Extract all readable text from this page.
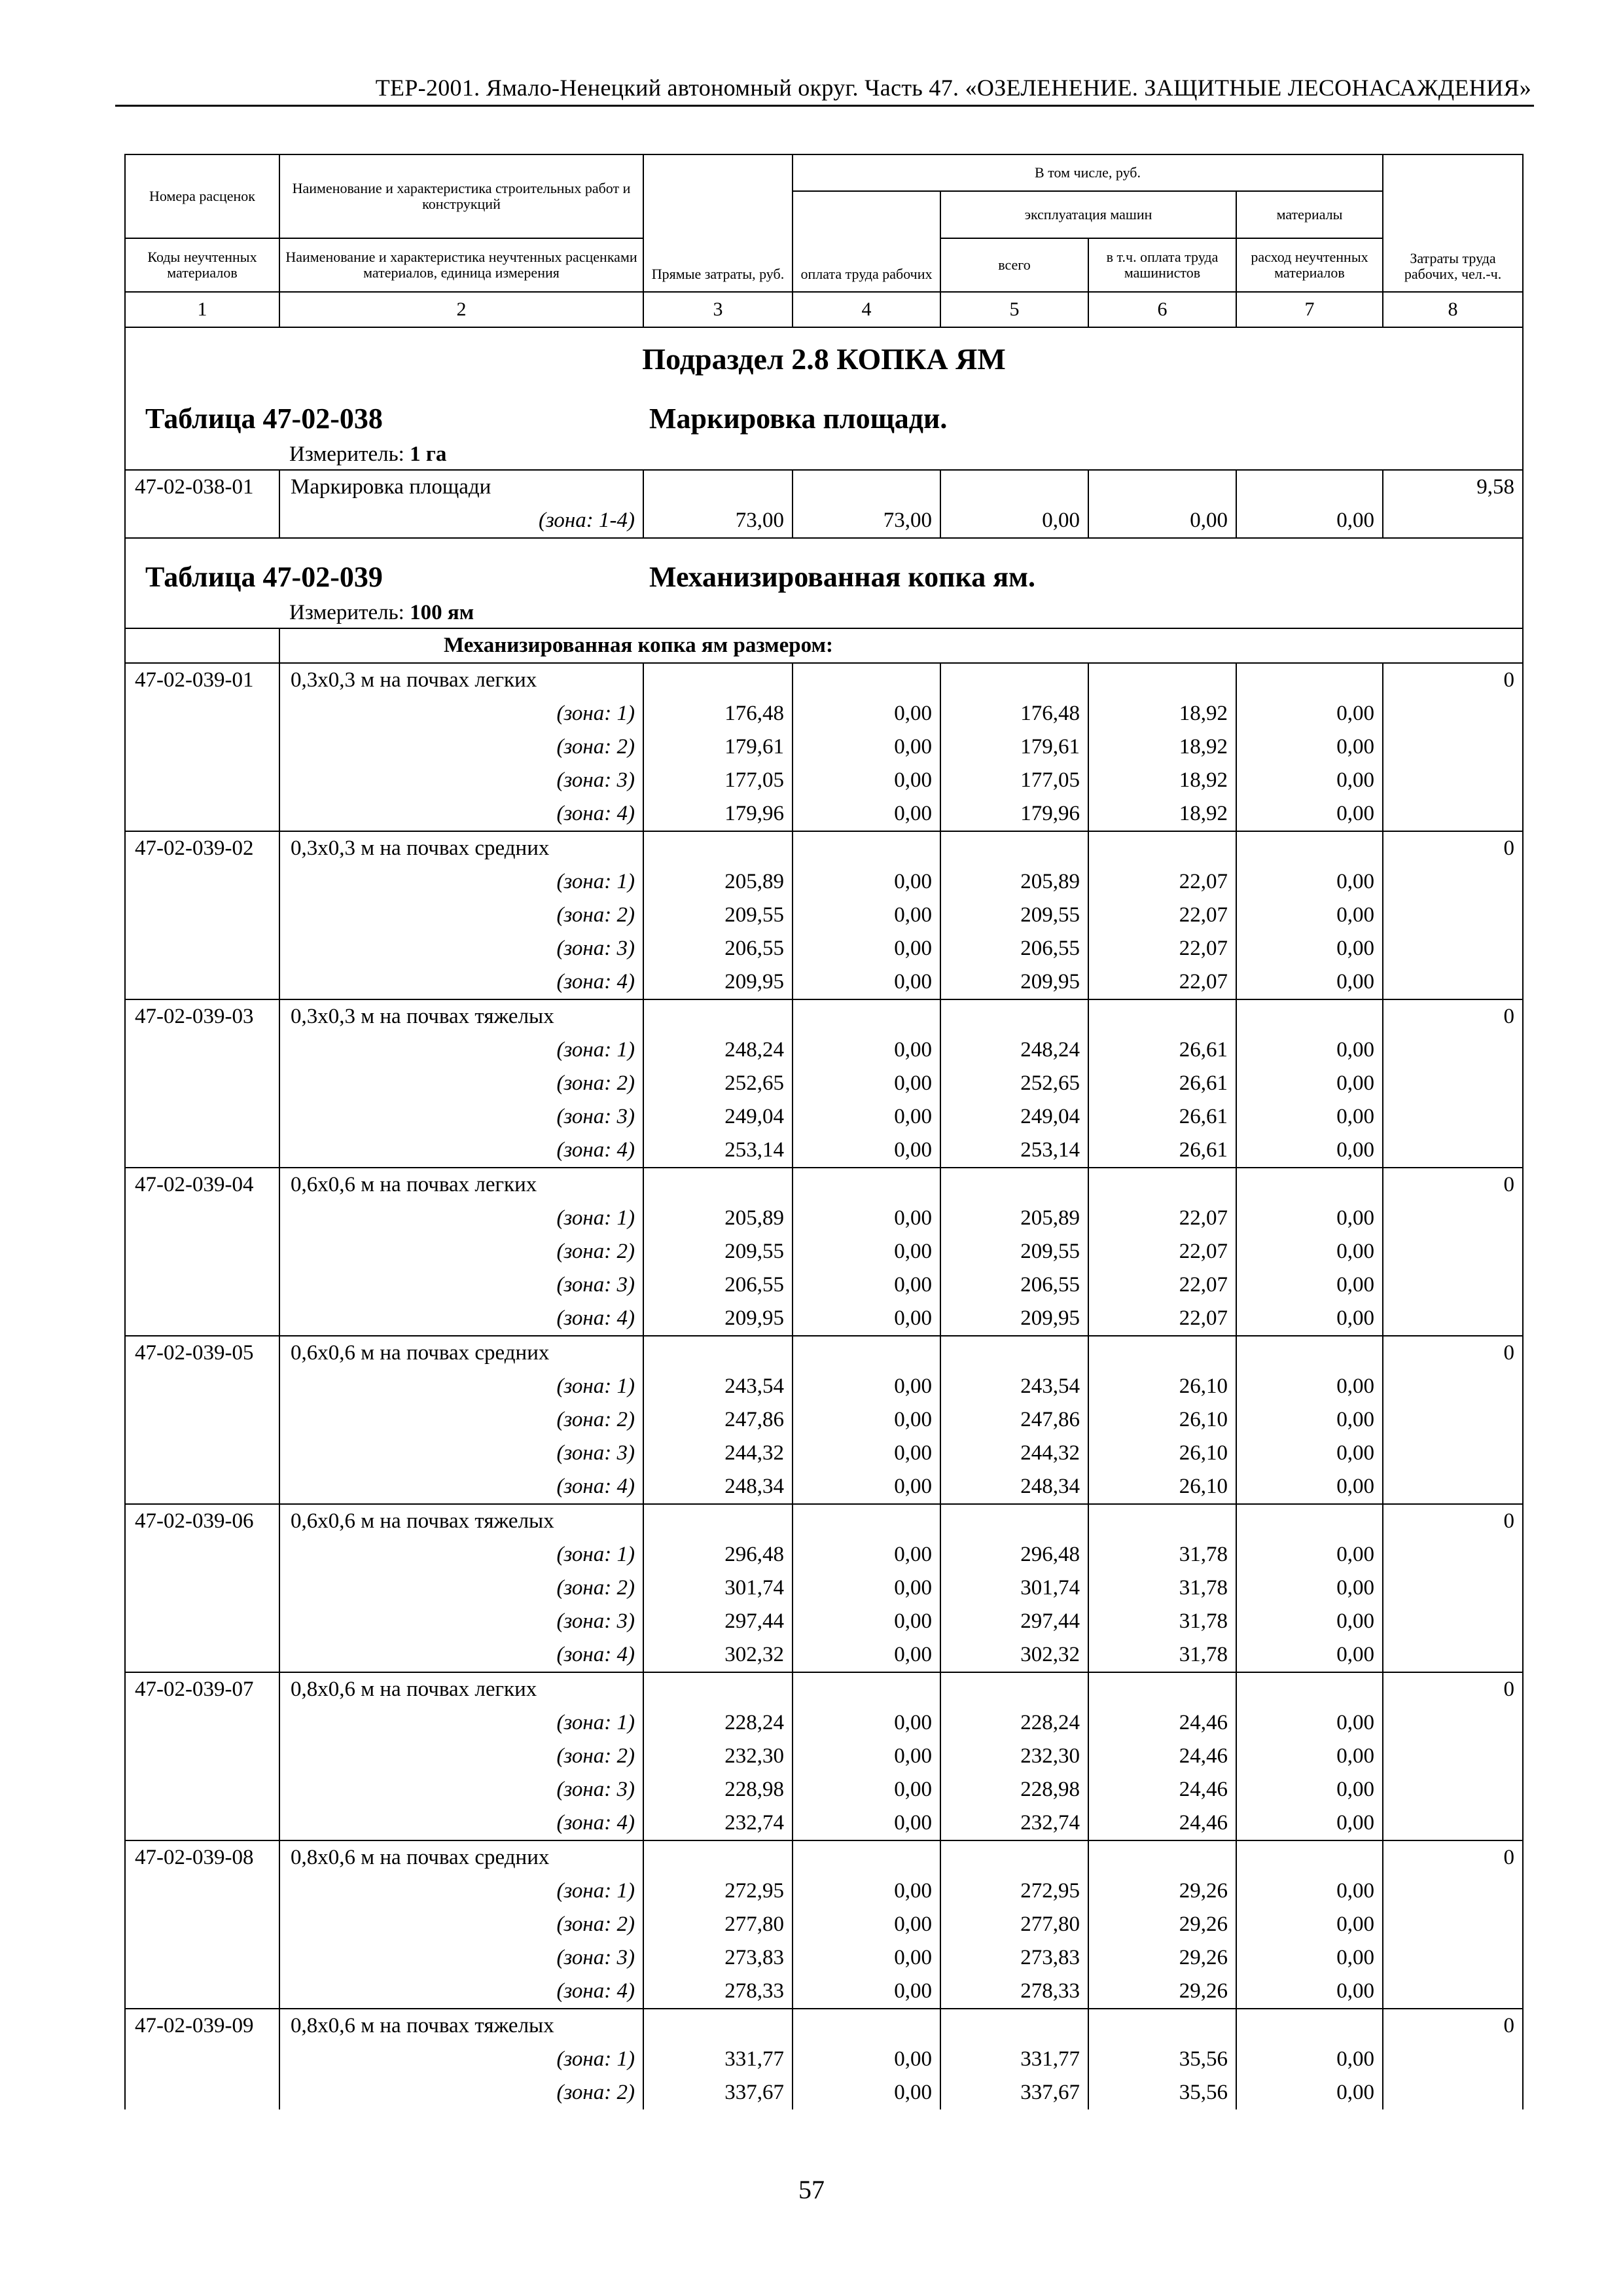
ТЕР-2001. Ямало-Ненецкий автономный округ. Часть 47. «ОЗЕЛЕНЕНИЕ. ЗАЩИТНЫЕ ЛЕСОНАСАЖДЕНИЯ»
Номера расценок	Наименование и характеристика строительных работ и конструкций	Прямые затраты, руб.	В том числе, руб.				Затраты труда рабочих, чел.-ч.
			оплата труда рабочих	эксплуатация машин		материалы	
Коды неучтенных материалов	Наименование и характеристика неучтенных расценками материалов, единица измерения			всего	в т.ч. оплата труда машинистов	расход неучтенных материалов	
1	2	3	4	5	6	7	8
Подраздел 2.8 КОПКА ЯМ							

Таблица 47-02-038 Маркировка площади.							

Измеритель: 1 га							
47-02-038-01	Маркировка площади						9,58
	(зона: 1-4)	73,00	73,00	0,00	0,00	0,00	

Таблица 47-02-039 Механизированная копка ям.							

Измеритель: 100 ям							
	Механизированная копка ям размером:						
47-02-039-01	0,3х0,3 м на почвах легких						0
	(зона: 1)	176,48	0,00	176,48	18,92	0,00	
	(зона: 2)	179,61	0,00	179,61	18,92	0,00	
	(зона: 3)	177,05	0,00	177,05	18,92	0,00	
	(зона: 4)	179,96	0,00	179,96	18,92	0,00	
47-02-039-02	0,3х0,3 м на почвах средних						0
	(зона: 1)	205,89	0,00	205,89	22,07	0,00	
	(зона: 2)	209,55	0,00	209,55	22,07	0,00	
	(зона: 3)	206,55	0,00	206,55	22,07	0,00	
	(зона: 4)	209,95	0,00	209,95	22,07	0,00	
47-02-039-03	0,3х0,3 м на почвах тяжелых						0
	(зона: 1)	248,24	0,00	248,24	26,61	0,00	
	(зона: 2)	252,65	0,00	252,65	26,61	0,00	
	(зона: 3)	249,04	0,00	249,04	26,61	0,00	
	(зона: 4)	253,14	0,00	253,14	26,61	0,00	
47-02-039-04	0,6х0,6 м на почвах легких						0
	(зона: 1)	205,89	0,00	205,89	22,07	0,00	
	(зона: 2)	209,55	0,00	209,55	22,07	0,00	
	(зона: 3)	206,55	0,00	206,55	22,07	0,00	
	(зона: 4)	209,95	0,00	209,95	22,07	0,00	
47-02-039-05	0,6х0,6 м на почвах средних						0
	(зона: 1)	243,54	0,00	243,54	26,10	0,00	
	(зона: 2)	247,86	0,00	247,86	26,10	0,00	
	(зона: 3)	244,32	0,00	244,32	26,10	0,00	
	(зона: 4)	248,34	0,00	248,34	26,10	0,00	
47-02-039-06	0,6х0,6 м на почвах тяжелых						0
	(зона: 1)	296,48	0,00	296,48	31,78	0,00	
	(зона: 2)	301,74	0,00	301,74	31,78	0,00	
	(зона: 3)	297,44	0,00	297,44	31,78	0,00	
	(зона: 4)	302,32	0,00	302,32	31,78	0,00	
47-02-039-07	0,8х0,6 м на почвах легких						0
	(зона: 1)	228,24	0,00	228,24	24,46	0,00	
	(зона: 2)	232,30	0,00	232,30	24,46	0,00	
	(зона: 3)	228,98	0,00	228,98	24,46	0,00	
	(зона: 4)	232,74	0,00	232,74	24,46	0,00	
47-02-039-08	0,8х0,6 м на почвах средних						0
	(зона: 1)	272,95	0,00	272,95	29,26	0,00	
	(зона: 2)	277,80	0,00	277,80	29,26	0,00	
	(зона: 3)	273,83	0,00	273,83	29,26	0,00	
	(зона: 4)	278,33	0,00	278,33	29,26	0,00	
47-02-039-09	0,8х0,6 м на почвах тяжелых						0
	(зона: 1)	331,77	0,00	331,77	35,56	0,00	
	(зона: 2)	337,67	0,00	337,67	35,56	0,00	
57
